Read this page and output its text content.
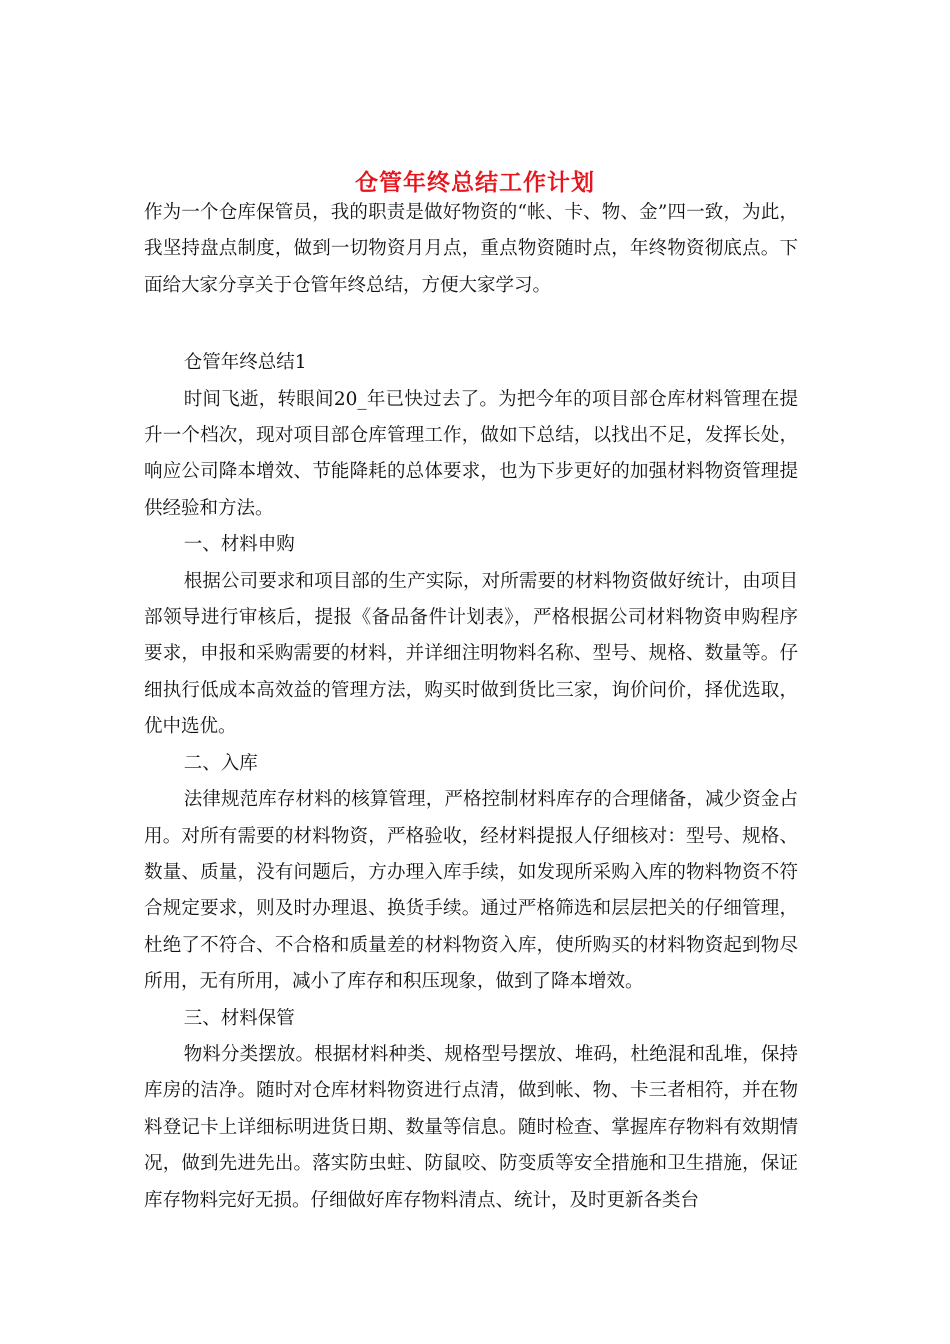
仓管年终总结工作计划

作为一个仓库保管员，我的职责是做好物资的“帐、卡、物、金”四一致，为此，我坚持盘点制度，做到一切物资月月点，重点物资随时点，年终物资彻底点。下面给大家分享关于仓管年终总结，方便大家学习。

仓管年终总结1

时间飞逝，转眼间20_年已快过去了。为把今年的项目部仓库材料管理在提升一个档次，现对项目部仓库管理工作，做如下总结，以找出不足，发挥长处，响应公司降本增效、节能降耗的总体要求，也为下步更好的加强材料物资管理提供经验和方法。

一、材料申购

根据公司要求和项目部的生产实际，对所需要的材料物资做好统计，由项目部领导进行审核后，提报《备品备件计划表》，严格根据公司材料物资申购程序要求，申报和采购需要的材料，并详细注明物料名称、型号、规格、数量等。仔细执行低成本高效益的管理方法，购买时做到货比三家，询价问价，择优选取，优中选优。

二、入库

法律规范库存材料的核算管理，严格控制材料库存的合理储备，减少资金占用。对所有需要的材料物资，严格验收，经材料提报人仔细核对：型号、规格、数量、质量，没有问题后，方办理入库手续，如发现所采购入库的物料物资不符合规定要求，则及时办理退、换货手续。通过严格筛选和层层把关的仔细管理，杜绝了不符合、不合格和质量差的材料物资入库，使所购买的材料物资起到物尽所用，无有所用，减小了库存和积压现象，做到了降本增效。

三、材料保管

物料分类摆放。根据材料种类、规格型号摆放、堆码，杜绝混和乱堆，保持库房的洁净。随时对仓库材料物资进行点清，做到帐、物、卡三者相符，并在物料登记卡上详细标明进货日期、数量等信息。随时检查、掌握库存物料有效期情况，做到先进先出。落实防虫蛀、防鼠咬、防变质等安全措施和卫生措施，保证库存物料完好无损。仔细做好库存物料清点、统计，及时更新各类台
